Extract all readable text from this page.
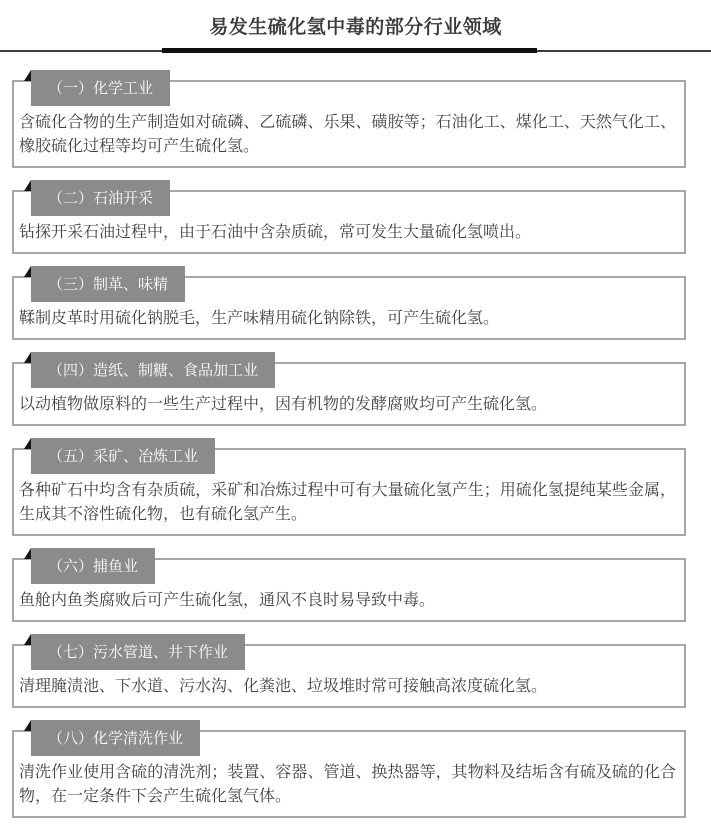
易发生硫化氢中毒的部分行业领域
（一）化学工业

含硫化合物的生产制造如对硫磷、乙硫磷、乐果、磺胺等；石油化工、煤化工、天然气化工、橡胶硫化过程等均可产生硫化氢。

（二）石油开采

钻探开采石油过程中，由于石油中含杂质硫，常可发生大量硫化氢喷出。

（三）制革、味精

鞣制皮革时用硫化钠脱毛，生产味精用硫化钠除铁，可产生硫化氢。

（四）造纸、制糖、食品加工业

以动植物做原料的一些生产过程中，因有机物的发酵腐败均可产生硫化氢。

（五）采矿、冶炼工业

各种矿石中均含有杂质硫，采矿和冶炼过程中可有大量硫化氢产生；用硫化氢提纯某些金属，生成其不溶性硫化物，也有硫化氢产生。

（六）捕鱼业

鱼舱内鱼类腐败后可产生硫化氢，通风不良时易导致中毒。

（七）污水管道、井下作业

清理腌渍池、下水道、污水沟、化粪池、垃圾堆时常可接触高浓度硫化氢。

（八）化学清洗作业

清洗作业使用含硫的清洗剂；装置、容器、管道、换热器等，其物料及结垢含有硫及硫的化合物，在一定条件下会产生硫化氢气体。
